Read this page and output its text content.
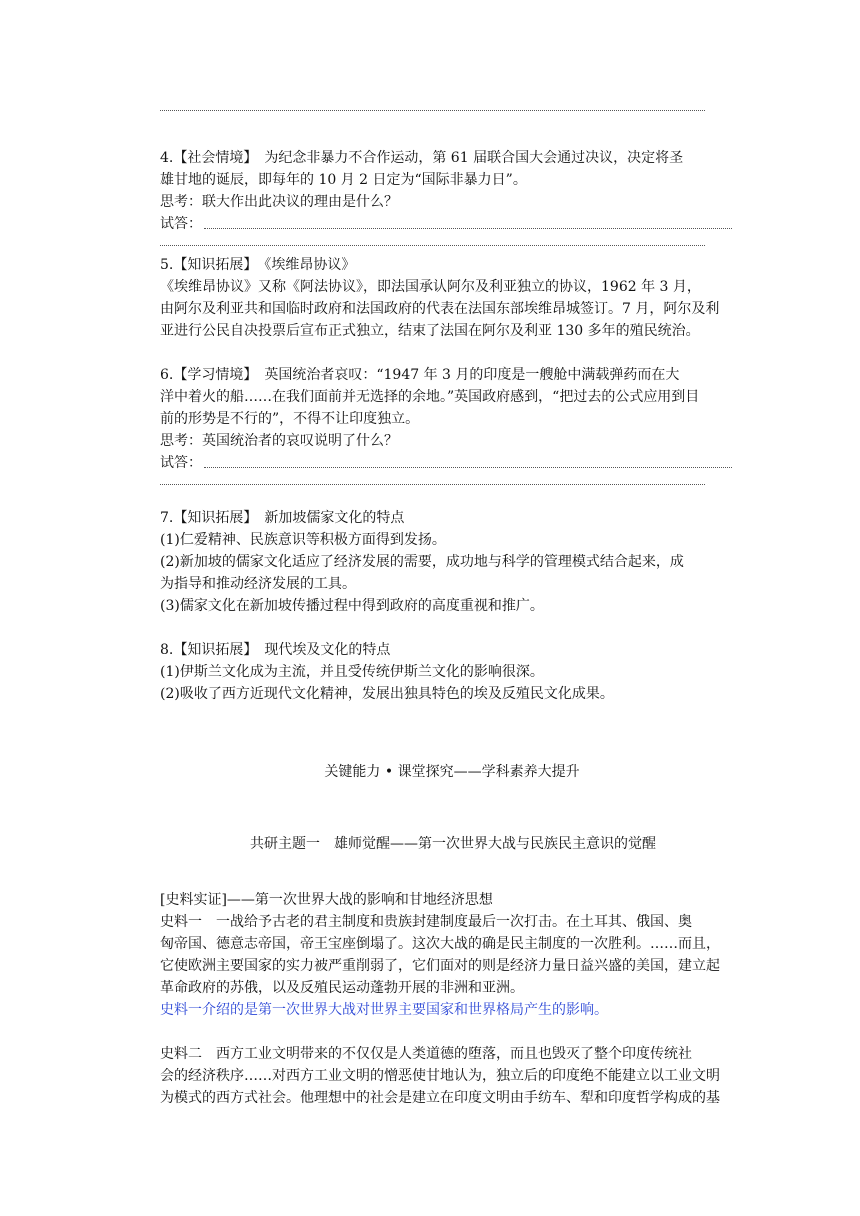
4.【社会情境】　为纪念非暴力不合作运动，第 61 届联合国大会通过决议，决定将圣

雄甘地的诞辰，即每年的 10 月 2 日定为“国际非暴力日”。

思考：联大作出此决议的理由是什么？

试答：

5.【知识拓展】　《埃维昂协议》

《埃维昂协议》又称《阿法协议》，即法国承认阿尔及利亚独立的协议，1962 年 3 月，

由阿尔及利亚共和国临时政府和法国政府的代表在法国东部埃维昂城签订。7 月，阿尔及利

亚进行公民自决投票后宣布正式独立，结束了法国在阿尔及利亚 130 多年的殖民统治。

6.【学习情境】　英国统治者哀叹：“1947 年 3 月的印度是一艘舱中满载弹药而在大

洋中着火的船……在我们面前并无选择的余地。”英国政府感到，“把过去的公式应用到目

前的形势是不行的”，不得不让印度独立。

思考：英国统治者的哀叹说明了什么？

试答：

7.【知识拓展】　新加坡儒家文化的特点

(1)仁爱精神、民族意识等积极方面得到发扬。

(2)新加坡的儒家文化适应了经济发展的需要，成功地与科学的管理模式结合起来，成

为指导和推动经济发展的工具。

(3)儒家文化在新加坡传播过程中得到政府的高度重视和推广。

8.【知识拓展】　现代埃及文化的特点

(1)伊斯兰文化成为主流，并且受传统伊斯兰文化的影响很深。

(2)吸收了西方近现代文化精神，发展出独具特色的埃及反殖民文化成果。

关键能力 • 课堂探究——学科素养大提升

共研主题一　雄师觉醒——第一次世界大战与民族民主意识的觉醒

[史料实证]——第一次世界大战的影响和甘地经济思想

史料一　一战给予古老的君主制度和贵族封建制度最后一次打击。在土耳其、俄国、奥

匈帝国、德意志帝国，帝王宝座倒塌了。这次大战的确是民主制度的一次胜利。……而且，

它使欧洲主要国家的实力被严重削弱了，它们面对的则是经济力量日益兴盛的美国，建立起

革命政府的苏俄，以及反殖民运动蓬勃开展的非洲和亚洲。

史料一介绍的是第一次世界大战对世界主要国家和世界格局产生的影响。

史料二　西方工业文明带来的不仅仅是人类道德的堕落，而且也毁灭了整个印度传统社

会的经济秩序……对西方工业文明的憎恶使甘地认为，独立后的印度绝不能建立以工业文明

为模式的西方式社会。他理想中的社会是建立在印度文明由手纺车、犁和印度哲学构成的基
